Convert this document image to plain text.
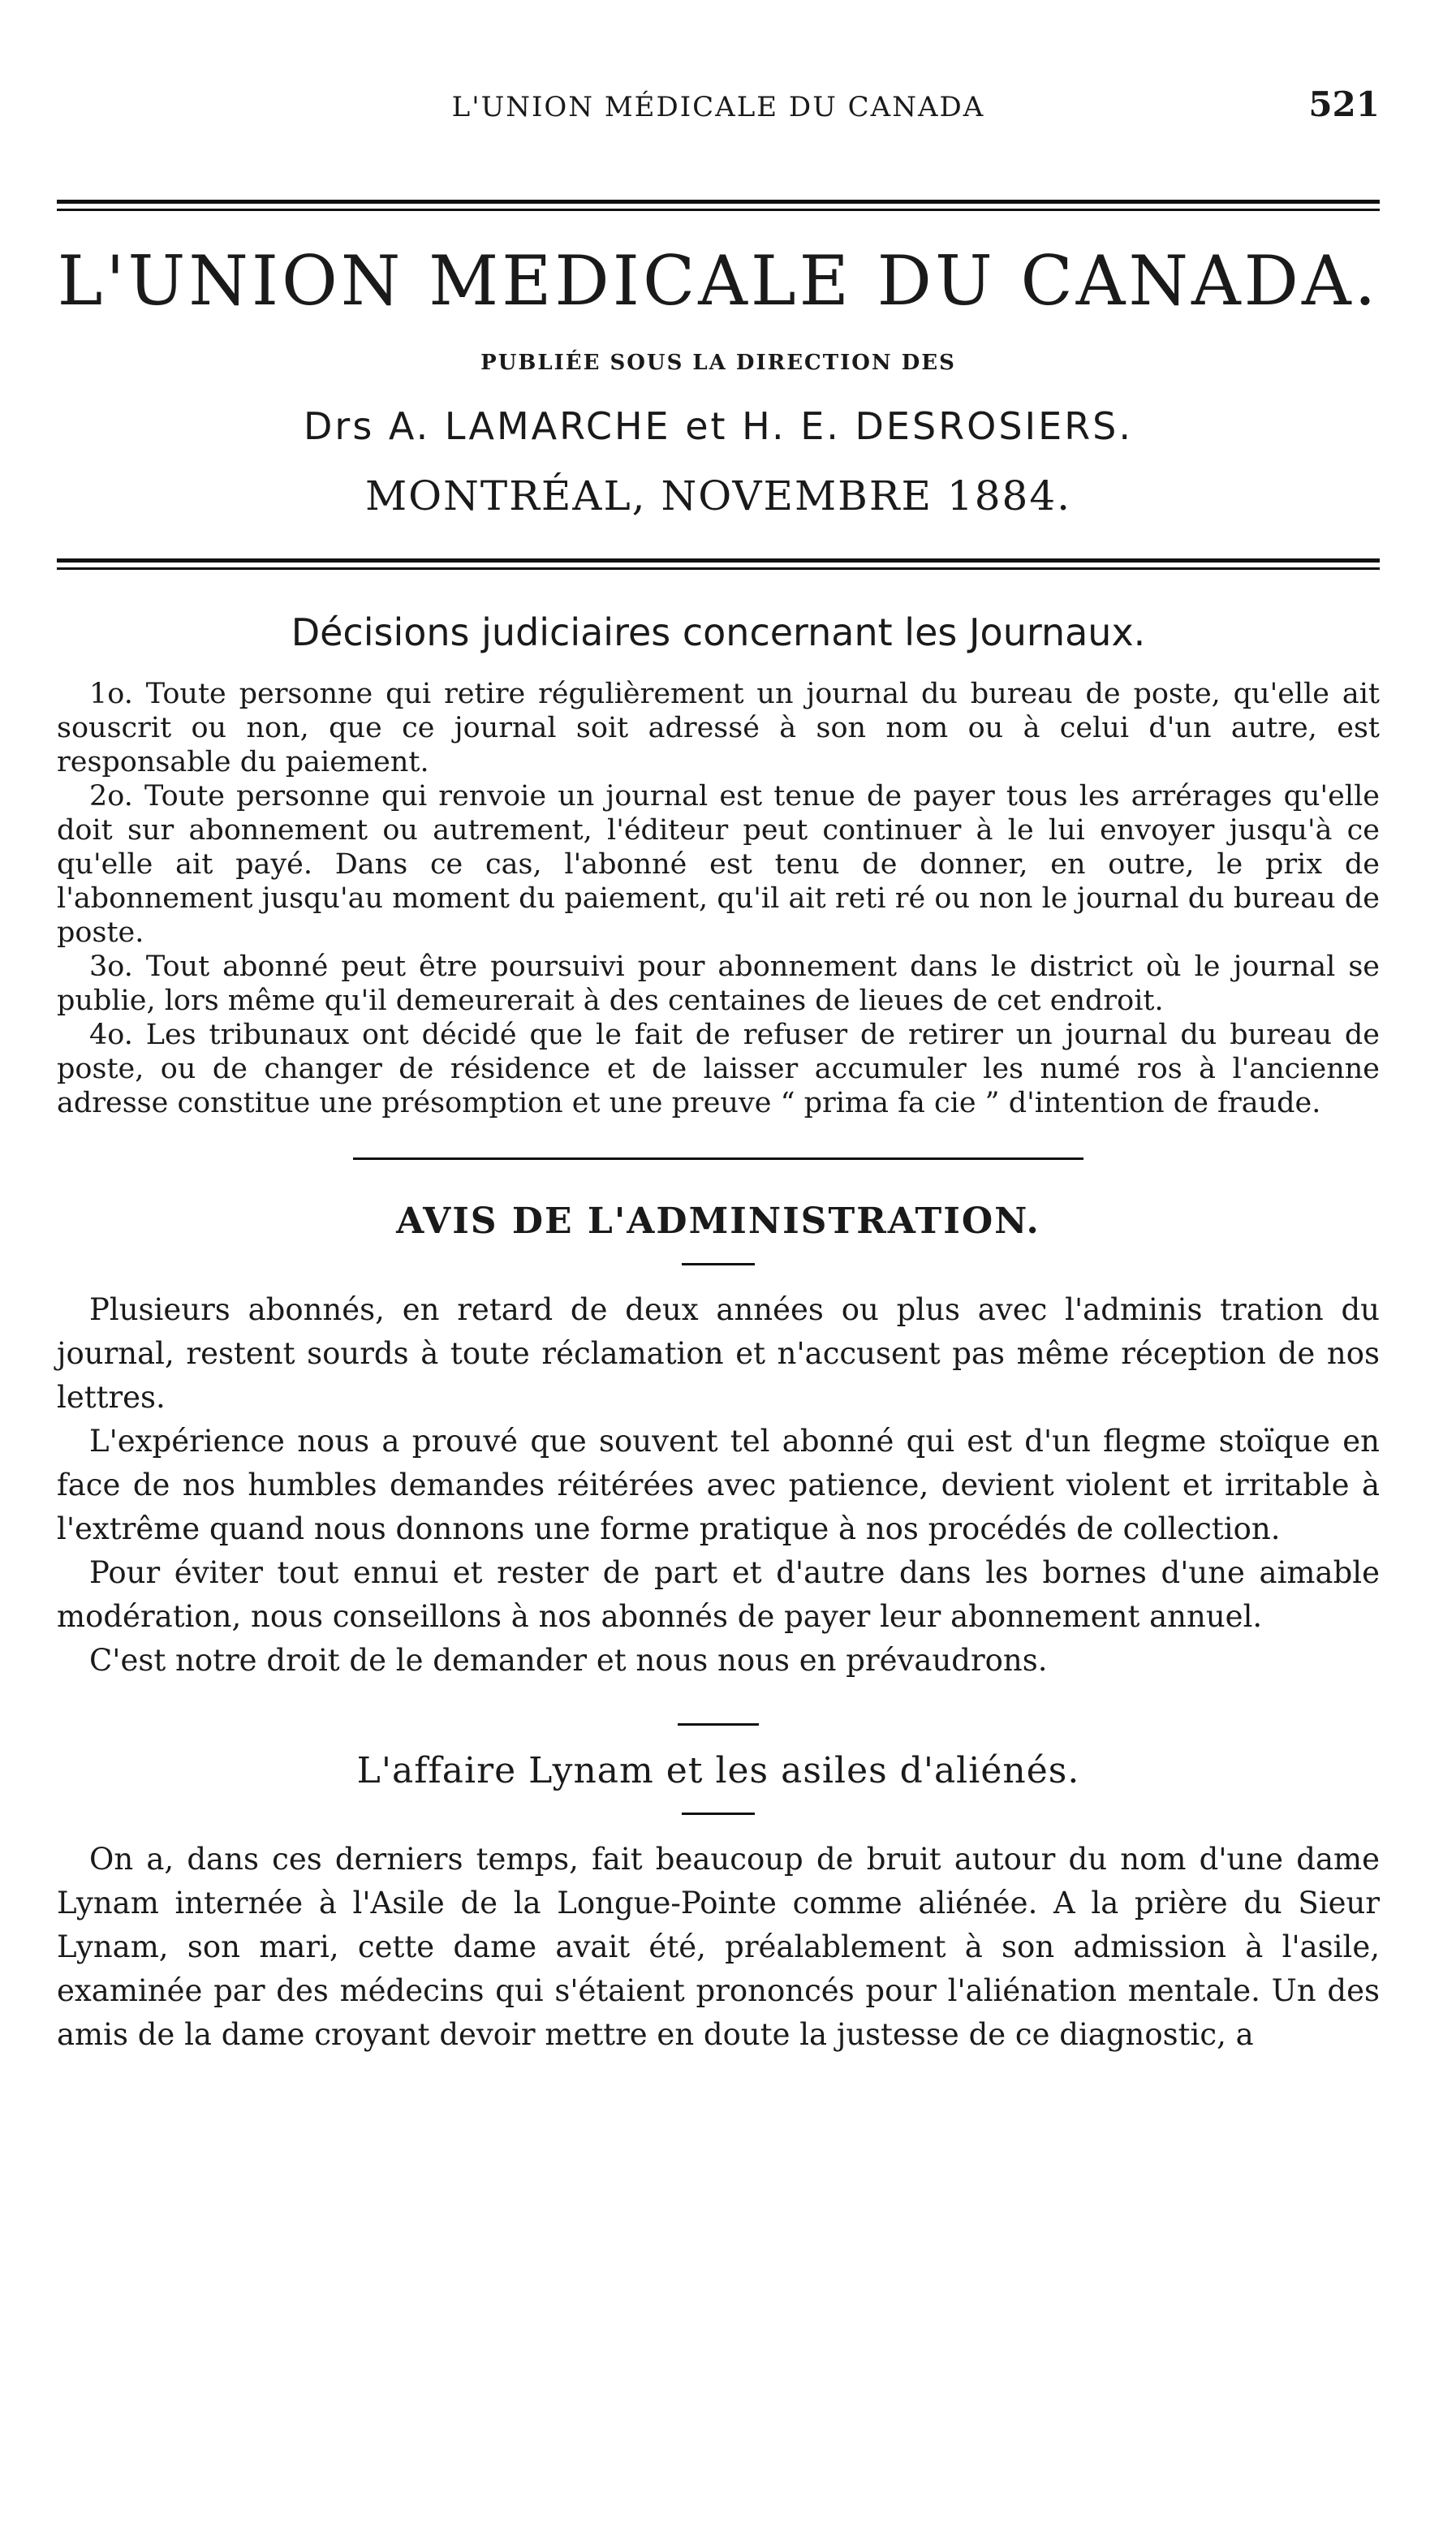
L'UNION MÉDICALE DU CANADA	521
L'UNION MEDICALE DU CANADA.
PUBLIÉE SOUS LA DIRECTION DES
Drs A. LAMARCHE et H. E. DESROSIERS.
MONTRÉAL, NOVEMBRE 1884.
Décisions judiciaires concernant les Journaux.

1o. Toute personne qui retire régulièrement un journal du bureau de poste, qu'elle ait souscrit ou non, que ce journal soit adressé à son nom ou à celui d'un autre, est responsable du paiement.

2o. Toute personne qui renvoie un journal est tenue de payer tous les arrérages qu'elle doit sur abonnement ou autrement, l'éditeur peut continuer à le lui envoyer jusqu'à ce qu'elle ait payé. Dans ce cas, l'abonné est tenu de donner, en outre, le prix de l'abonnement jusqu'au moment du paiement, qu'il ait reti ré ou non le journal du bureau de poste.

3o. Tout abonné peut être poursuivi pour abonnement dans le district où le journal se publie, lors même qu'il demeurerait à des centaines de lieues de cet endroit.

4o. Les tribunaux ont décidé que le fait de refuser de retirer un journal du bureau de poste, ou de changer de résidence et de laisser accumuler les numé ros à l'ancienne adresse constitue une présomption et une preuve “ prima fa cie ” d'intention de fraude.

AVIS DE L'ADMINISTRATION.

Plusieurs abonnés, en retard de deux années ou plus avec l'adminis tration du journal, restent sourds à toute réclamation et n'accusent pas même réception de nos lettres.

L'expérience nous a prouvé que souvent tel abonné qui est d'un flegme stoïque en face de nos humbles demandes réitérées avec patience, devient violent et irritable à l'extrême quand nous donnons une forme pratique à nos procédés de collection.

Pour éviter tout ennui et rester de part et d'autre dans les bornes d'une aimable modération, nous conseillons à nos abonnés de payer leur abonnement annuel.

C'est notre droit de le demander et nous nous en prévaudrons.

L'affaire Lynam et les asiles d'aliénés.

On a, dans ces derniers temps, fait beaucoup de bruit autour du nom d'une dame Lynam internée à l'Asile de la Longue-Pointe comme aliénée. A la prière du Sieur Lynam, son mari, cette dame avait été, préalablement à son admission à l'asile, examinée par des médecins qui s'étaient prononcés pour l'aliénation mentale. Un des amis de la dame croyant devoir mettre en doute la justesse de ce diagnostic, a
